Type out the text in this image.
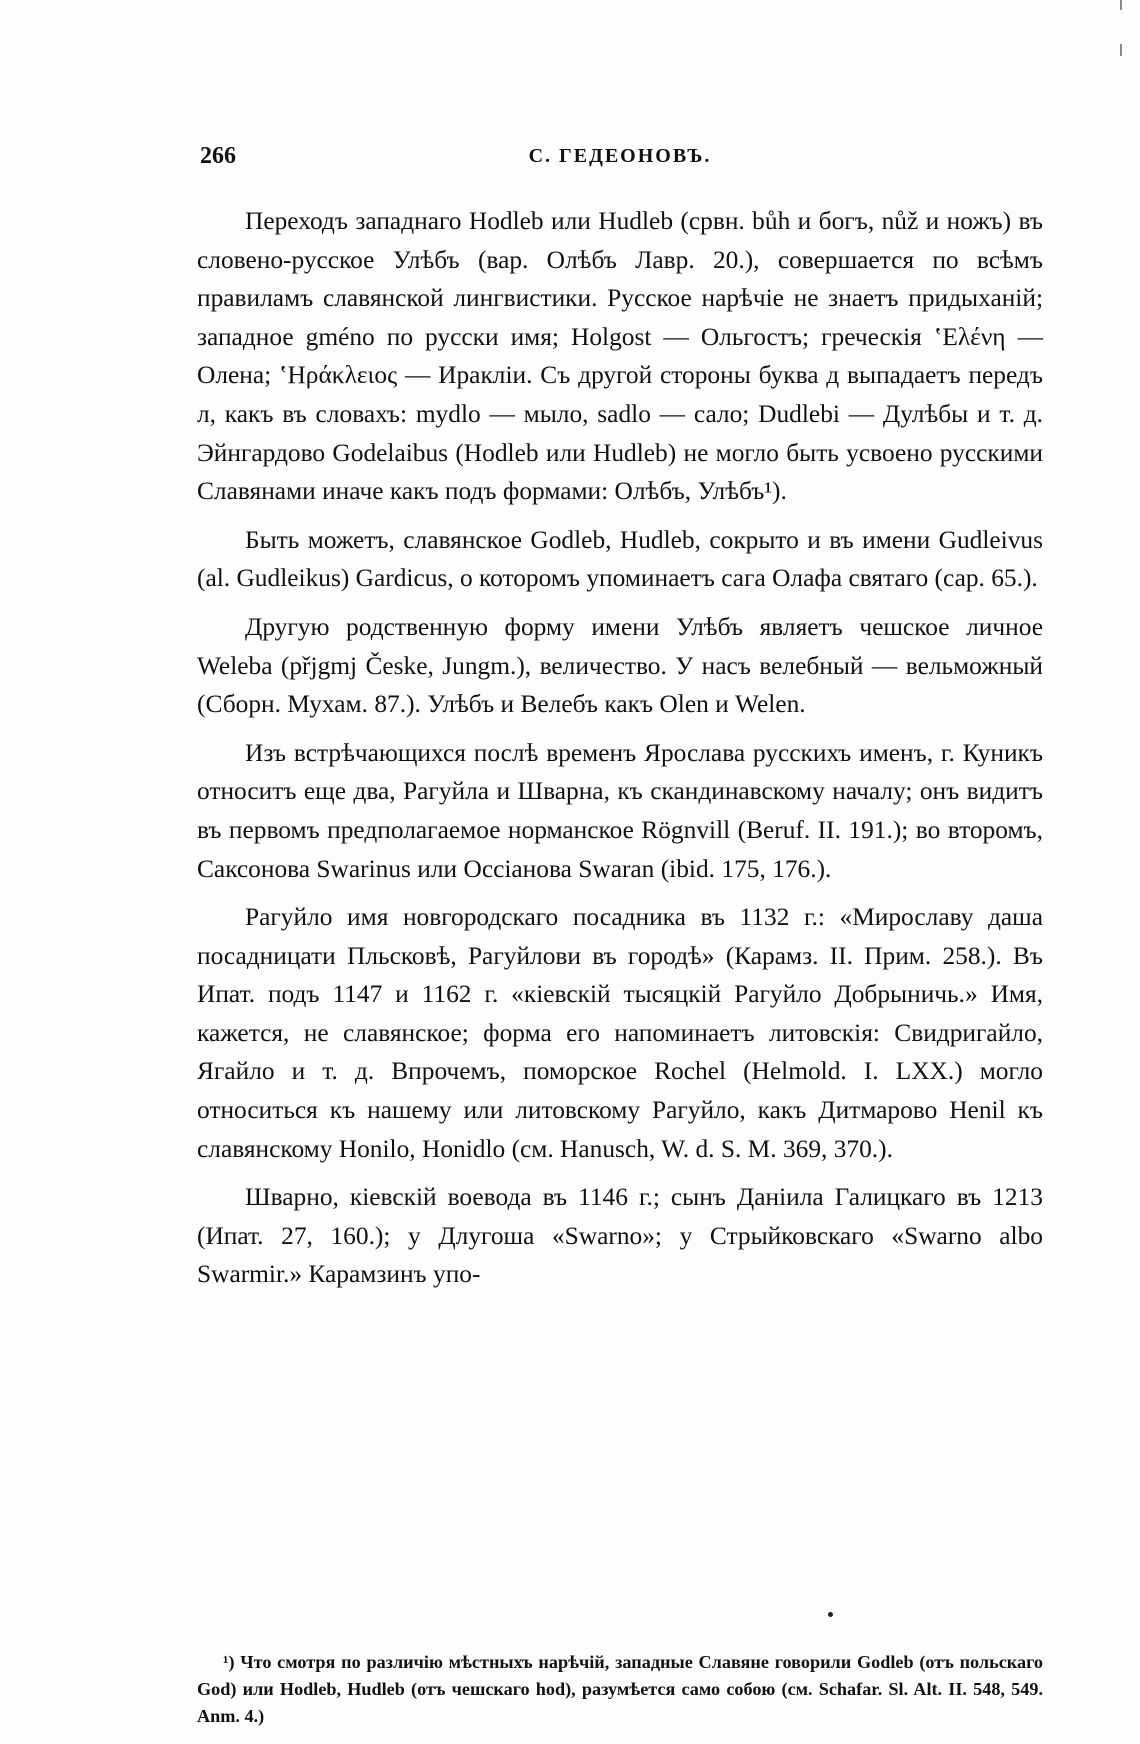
266	С. ГЕДЕОНОВЪ.

Переходъ западнаго Hodleb или Hudleb (срвн. bůh и богъ, nůž и ножъ) въ словено-русское Улѣбъ (вар. Олѣбъ Лавр. 20.), совершается по всѣмъ правиламъ славянской лингвистики. Русское нарѣчіе не знаетъ придыханій; западное gméno по русски имя; Holgost — Ольгостъ; греческія ʽΕλένη — Олена; ʽΗράκλειος — Иракліи. Съ другой стороны буква д выпадаетъ передъ л, какъ въ словахъ: mydlo — мыло, sadlo — сало; Dudlebi — Дулѣбы и т. д. Эйнгардово Godelaibus (Hodleb или Hudleb) не могло быть усвоено русскими Славянами иначе какъ подъ формами: Олѣбъ, Улѣбъ¹).

Быть можетъ, славянское Godleb, Hudleb, сокрыто и въ имени Gudleivus (al. Gudleikus) Gardicus, о которомъ упоминаетъ сага Олафа святаго (сар. 65.).

Другую родственную форму имени Улѣбъ являетъ чешское личное Weleba (přjgmj Česke, Jungm.), величество. У насъ велебный — вельможный (Сборн. Мухам. 87.). Улѣбъ и Велебъ какъ Olen и Welen.

Изъ встрѣчающихся послѣ временъ Ярослава русскихъ именъ, г. Куникъ относитъ еще два, Рагуйла и Шварна, къ скандинавскому началу; онъ видитъ въ первомъ предполагаемое норманское Rögnvill (Beruf. II. 191.); во второмъ, Саксонова Swarinus или Оссіанова Swaran (ibid. 175, 176.).

Рагуйло имя новгородскаго посадника въ 1132 г.: «Мирославу даша посадницати Пльсковѣ, Рагуйлови въ городѣ» (Карамз. II. Прим. 258.). Въ Ипат. подъ 1147 и 1162 г. «кіевскій тысяцкій Рагуйло Добрыничь.» Имя, кажется, не славянское; форма его напоминаетъ литовскія: Свидригайло, Ягайло и т. д. Впрочемъ, поморское Rochel (Helmold. I. LXX.) могло относиться къ нашему или литовскому Рагуйло, какъ Дитмарово Henil къ славянскому Honilo, Honidlo (см. Hanusch, W. d. S. M. 369, 370.).

Шварно, кіевскій воевода въ 1146 г.; сынъ Даніила Галицкаго въ 1213 (Ипат. 27, 160.); у Длугоша «Swarno»; у Стрыйковскаго «Swarno albo Swarmir.» Карамзинъ упо-

¹) Что смотря по различію мѣстныхъ нарѣчій, западные Славяне говорили Godleb (отъ польскаго God) или Hodleb, Hudleb (отъ чешскаго hod), разумѣется само собою (см. Schafar. Sl. Alt. II. 548, 549. Anm. 4.)
